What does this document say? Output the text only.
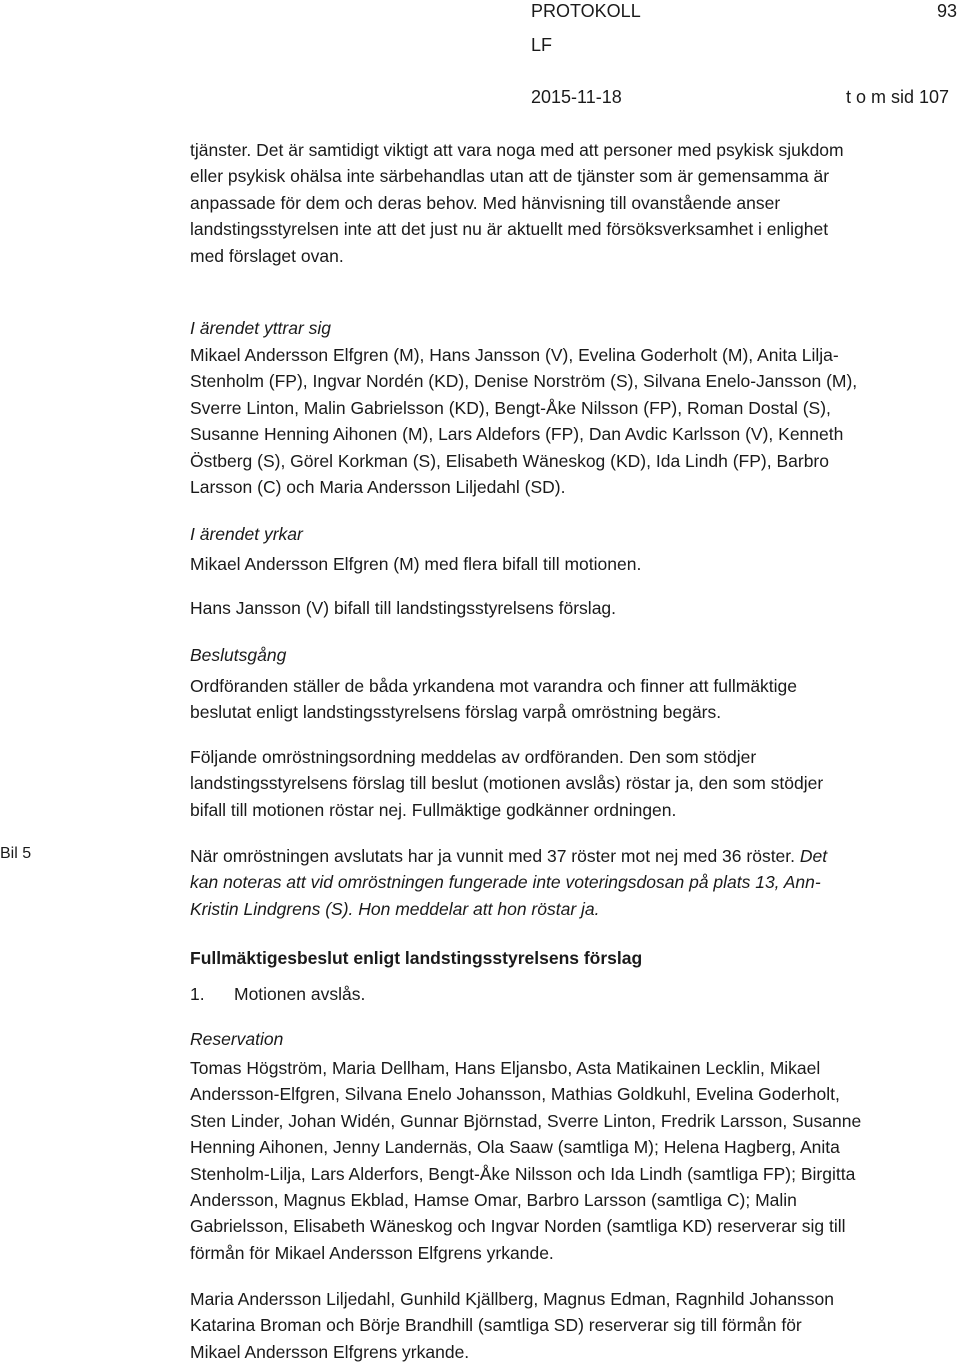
PROTOKOLL	93
LF
2015-11-18	t o m sid 107
tjänster. Det är samtidigt viktigt att vara noga med att personer med psykisk sjukdom
eller psykisk ohälsa inte särbehandlas utan att de tjänster som är gemensamma är
anpassade för dem och deras behov. Med hänvisning till ovanstående anser
landstingsstyrelsen inte att det just nu är aktuellt med försöksverksamhet i enlighet
med förslaget ovan.
I ärendet yttrar sig
Mikael Andersson Elfgren (M), Hans Jansson (V), Evelina Goderholt (M), Anita Lilja-
Stenholm (FP), Ingvar Nordén (KD), Denise Norström (S), Silvana Enelo-Jansson (M),
Sverre Linton, Malin Gabrielsson (KD), Bengt-Åke Nilsson (FP), Roman Dostal (S),
Susanne Henning Aihonen (M), Lars Aldefors (FP), Dan Avdic Karlsson (V), Kenneth
Östberg (S), Görel Korkman (S), Elisabeth Wäneskog (KD), Ida Lindh (FP), Barbro
Larsson (C) och Maria Andersson Liljedahl (SD).
I ärendet yrkar
Mikael Andersson Elfgren (M) med flera bifall till motionen.
Hans Jansson (V) bifall till landstingsstyrelsens förslag.
Beslutsgång
Ordföranden ställer de båda yrkandena mot varandra och finner att fullmäktige
beslutat enligt landstingsstyrelsens förslag varpå omröstning begärs.
Följande omröstningsordning meddelas av ordföranden. Den som stödjer
landstingsstyrelsens förslag till beslut (motionen avslås) röstar ja, den som stödjer
bifall till motionen röstar nej. Fullmäktige godkänner ordningen.
Bil 5	När omröstningen avslutats har ja vunnit med 37 röster mot nej med 36 röster. Det
kan noteras att vid omröstningen fungerade inte voteringsdosan på plats 13, Ann-
Kristin Lindgrens (S). Hon meddelar att hon röstar ja.
Fullmäktigesbeslut enligt landstingsstyrelsens förslag
1. Motionen avslås.
Reservation
Tomas Högström, Maria Dellham, Hans Eljansbo, Asta Matikainen Lecklin, Mikael
Andersson-Elfgren, Silvana Enelo Johansson, Mathias Goldkuhl, Evelina Goderholt,
Sten Linder, Johan Widén, Gunnar Björnstad, Sverre Linton, Fredrik Larsson, Susanne
Henning Aihonen, Jenny Landernäs, Ola Saaw (samtliga M); Helena Hagberg, Anita
Stenholm-Lilja, Lars Alderfors, Bengt-Åke Nilsson och Ida Lindh (samtliga FP); Birgitta
Andersson, Magnus Ekblad, Hamse Omar, Barbro Larsson (samtliga C); Malin
Gabrielsson, Elisabeth Wäneskog och Ingvar Norden (samtliga KD) reserverar sig till
förmån för Mikael Andersson Elfgrens yrkande.
Maria Andersson Liljedahl, Gunhild Kjällberg, Magnus Edman, Ragnhild Johansson
Katarina Broman och Börje Brandhill (samtliga SD) reserverar sig till förmån för
Mikael Andersson Elfgrens yrkande.
